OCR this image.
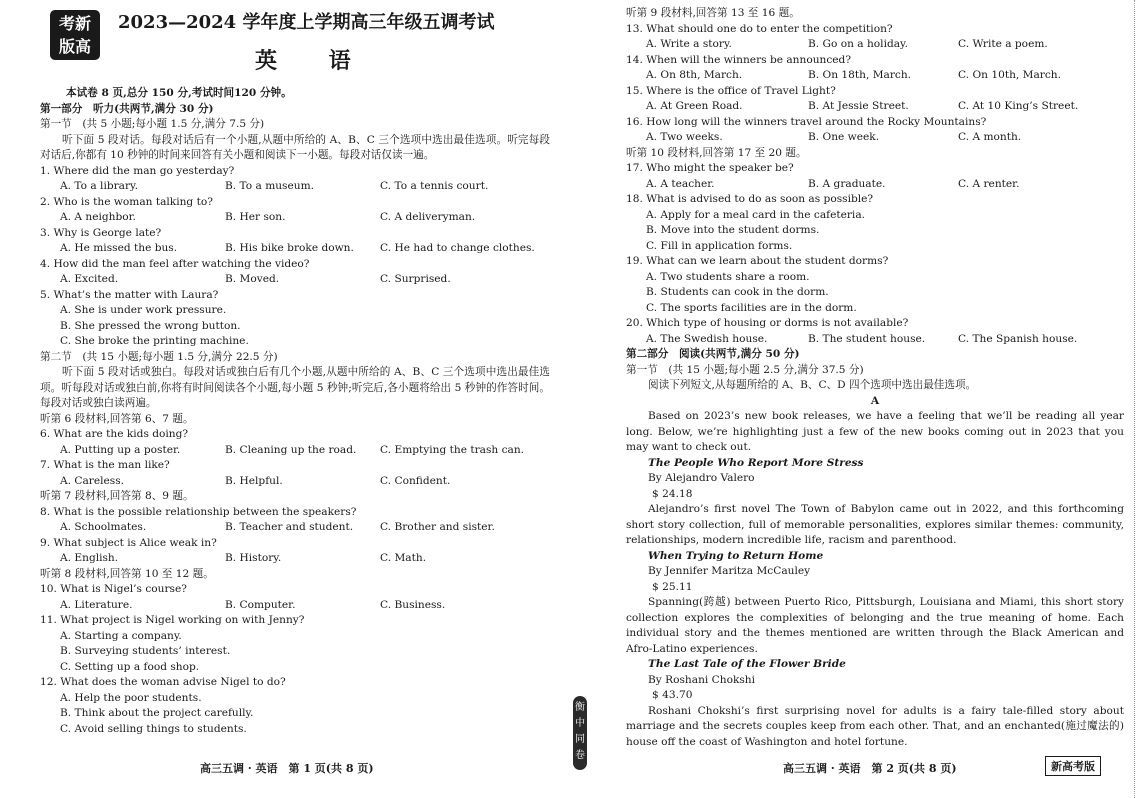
考新
版高
2023—2024 学年度上学期高三年级五调考试
英 语
本试卷 8 页,总分 150 分,考试时间120 分钟。
第一部分　听力(共两节,满分 30 分)
第一节　(共 5 小题;每小题 1.5 分,满分 7.5 分)
听下面 5 段对话。每段对话后有一个小题,从题中所给的 A、B、C 三个选项中选出最佳选项。听完每段对话后,你都有 10 秒钟的时间来回答有关小题和阅读下一小题。每段对话仅读一遍。
1. Where did the man go yesterday?
A. To a library.	B. To a museum.	C. To a tennis court.
2. Who is the woman talking to?
A. A neighbor.	B. Her son.	C. A deliveryman.
3. Why is George late?
A. He missed the bus.	B. His bike broke down.	C. He had to change clothes.
4. How did the man feel after watching the video?
A. Excited.	B. Moved.	C. Surprised.
5. What’s the matter with Laura?
A. She is under work pressure.
B. She pressed the wrong button.
C. She broke the printing machine.
第二节　(共 15 小题;每小题 1.5 分,满分 22.5 分)
听下面 5 段对话或独白。每段对话或独白后有几个小题,从题中所给的 A、B、C 三个选项中选出最佳选项。听每段对话或独白前,你将有时间阅读各个小题,每小题 5 秒钟;听完后,各小题将给出 5 秒钟的作答时间。每段对话或独白读两遍。
听第 6 段材料,回答第 6、7 题。
6. What are the kids doing?
A. Putting up a poster.	B. Cleaning up the road.	C. Emptying the trash can.
7. What is the man like?
A. Careless.	B. Helpful.	C. Confident.
听第 7 段材料,回答第 8、9 题。
8. What is the possible relationship between the speakers?
A. Schoolmates.	B. Teacher and student.	C. Brother and sister.
9. What subject is Alice weak in?
A. English.	B. History.	C. Math.
听第 8 段材料,回答第 10 至 12 题。
10. What is Nigel’s course?
A. Literature.	B. Computer.	C. Business.
11. What project is Nigel working on with Jenny?
A. Starting a company.
B. Surveying students’ interest.
C. Setting up a food shop.
12. What does the woman advise Nigel to do?
A. Help the poor students.
B. Think about the project carefully.
C. Avoid selling things to students.
听第 9 段材料,回答第 13 至 16 题。
13. What should one do to enter the competition?
A. Write a story.	B. Go on a holiday.	C. Write a poem.
14. When will the winners be announced?
A. On 8th, March.	B. On 18th, March.	C. On 10th, March.
15. Where is the office of Travel Light?
A. At Green Road.	B. At Jessie Street.	C. At 10 King’s Street.
16. How long will the winners travel around the Rocky Mountains?
A. Two weeks.	B. One week.	C. A month.
听第 10 段材料,回答第 17 至 20 题。
17. Who might the speaker be?
A. A teacher.	B. A graduate.	C. A renter.
18. What is advised to do as soon as possible?
A. Apply for a meal card in the cafeteria.
B. Move into the student dorms.
C. Fill in application forms.
19. What can we learn about the student dorms?
A. Two students share a room.
B. Students can cook in the dorm.
C. The sports facilities are in the dorm.
20. Which type of housing or dorms is not available?
A. The Swedish house.	B. The student house.	C. The Spanish house.
第二部分　阅读(共两节,满分 50 分)
第一节　(共 15 小题;每小题 2.5 分,满分 37.5 分)
阅读下列短文,从每题所给的 A、B、C、D 四个选项中选出最佳选项。
A
Based on 2023’s new book releases, we have a feeling that we’ll be reading all year long. Below, we’re highlighting just a few of the new books coming out in 2023 that you may want to check out.
The People Who Report More Stress
By Alejandro Valero
$ 24.18
Alejandro’s first novel The Town of Babylon came out in 2022, and this forthcoming short story collection, full of memorable personalities, explores similar themes: community, relationships, modern incredible life, racism and parenthood.
When Trying to Return Home
By Jennifer Maritza McCauley
$ 25.11
Spanning(跨越) between Puerto Rico, Pittsburgh, Louisiana and Miami, this short story collection explores the complexities of belonging and the true meaning of home. Each individual story and the themes mentioned are written through the Black American and Afro-Latino experiences.
The Last Tale of the Flower Bride
By Roshani Chokshi
$ 43.70
Roshani Chokshi’s first surprising novel for adults is a fairy tale-filled story about marriage and the secrets couples keep from each other. That, and an enchanted(施过魔法的) house off the coast of Washington and hotel fortune.
衡
中
同
卷
高三五调 · 英语　第 1 页(共 8 页)	高三五调 · 英语　第 2 页(共 8 页)	新高考版
